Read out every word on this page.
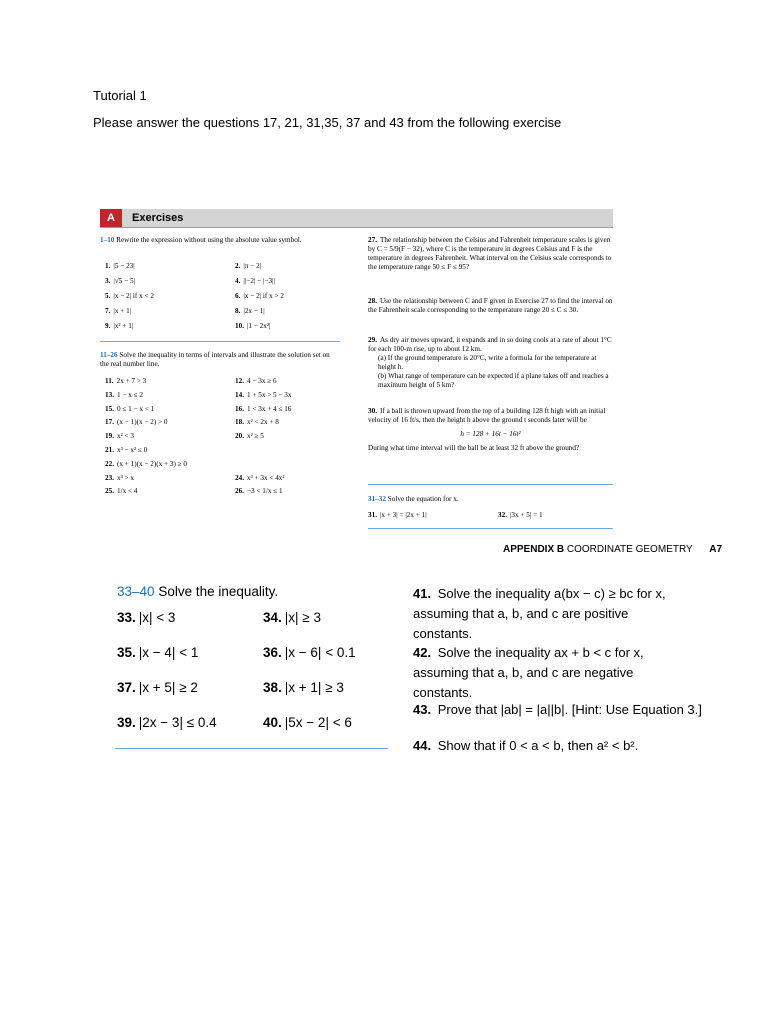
Tutorial 1
Please answer the questions 17, 21, 31,35, 37 and 43 from the following exercise
A	Exercises
1–10 Rewrite the expression without using the absolute value symbol.
1. |5 − 23|	2. |π − 2|
3. |√5 − 5|	4. ||−2| − |−3||
5. |x − 2| if x < 2	6. |x − 2| if x > 2
7. |x + 1|	8. |2x − 1|
9. |x² + 1|	10. |1 − 2x²|
11–26 Solve the inequality in terms of intervals and illustrate the solution set on the real number line.
11. 2x + 7 > 3	12. 4 − 3x ≥ 6
13. 1 − x ≤ 2	14. 1 + 5x > 5 − 3x
15. 0 ≤ 1 − x < 1	16. 1 < 3x + 4 ≤ 16
17. (x − 1)(x − 2) > 0	18. x² < 2x + 8
19. x² < 3	20. x² ≥ 5
21. x³ − x² ≤ 0
22. (x + 1)(x − 2)(x + 3) ≥ 0
23. x³ > x	24. x³ + 3x < 4x²
25. 1/x < 4	26. −3 < 1/x ≤ 1
27. The relationship between the Celsius and Fahrenheit temperature scales is given by C = 5/9(F − 32), where C is the temperature in degrees Celsius and F is the temperature in degrees Fahrenheit. What interval on the Celsius scale corresponds to the temperature range 50 ≤ F ≤ 95?
28. Use the relationship between C and F given in Exercise 27 to find the interval on the Fahrenheit scale corresponding to the temperature range 20 ≤ C ≤ 30.
29. As dry air moves upward, it expands and in so doing cools at a rate of about 1°C for each 100-m rise, up to about 12 km.
(a) If the ground temperature is 20°C, write a formula for the temperature at height h.
(b) What range of temperature can be expected if a plane takes off and reaches a maximum height of 5 km?
30. If a ball is thrown upward from the top of a building 128 ft high with an initial velocity of 16 ft/s, then the height h above the ground t seconds later will be
h = 128 + 16t − 16t²
During what time interval will the ball be at least 32 ft above the ground?
31–32 Solve the equation for x.
31. |x + 3| = |2x + 1|	32. |3x + 5| = 1
APPENDIX B COORDINATE GEOMETRY A7
33–40 Solve the inequality.
33. |x| < 3	34. |x| ≥ 3
35. |x − 4| < 1	36. |x − 6| < 0.1
37. |x + 5| ≥ 2	38. |x + 1| ≥ 3
39. |2x − 3| ≤ 0.4	40. |5x − 2| < 6
41. Solve the inequality a(bx − c) ≥ bc for x, assuming that a, b, and c are positive constants.
42. Solve the inequality ax + b < c for x, assuming that a, b, and c are negative constants.
43. Prove that |ab| = |a||b|. [Hint: Use Equation 3.]
44. Show that if 0 < a < b, then a² < b².
